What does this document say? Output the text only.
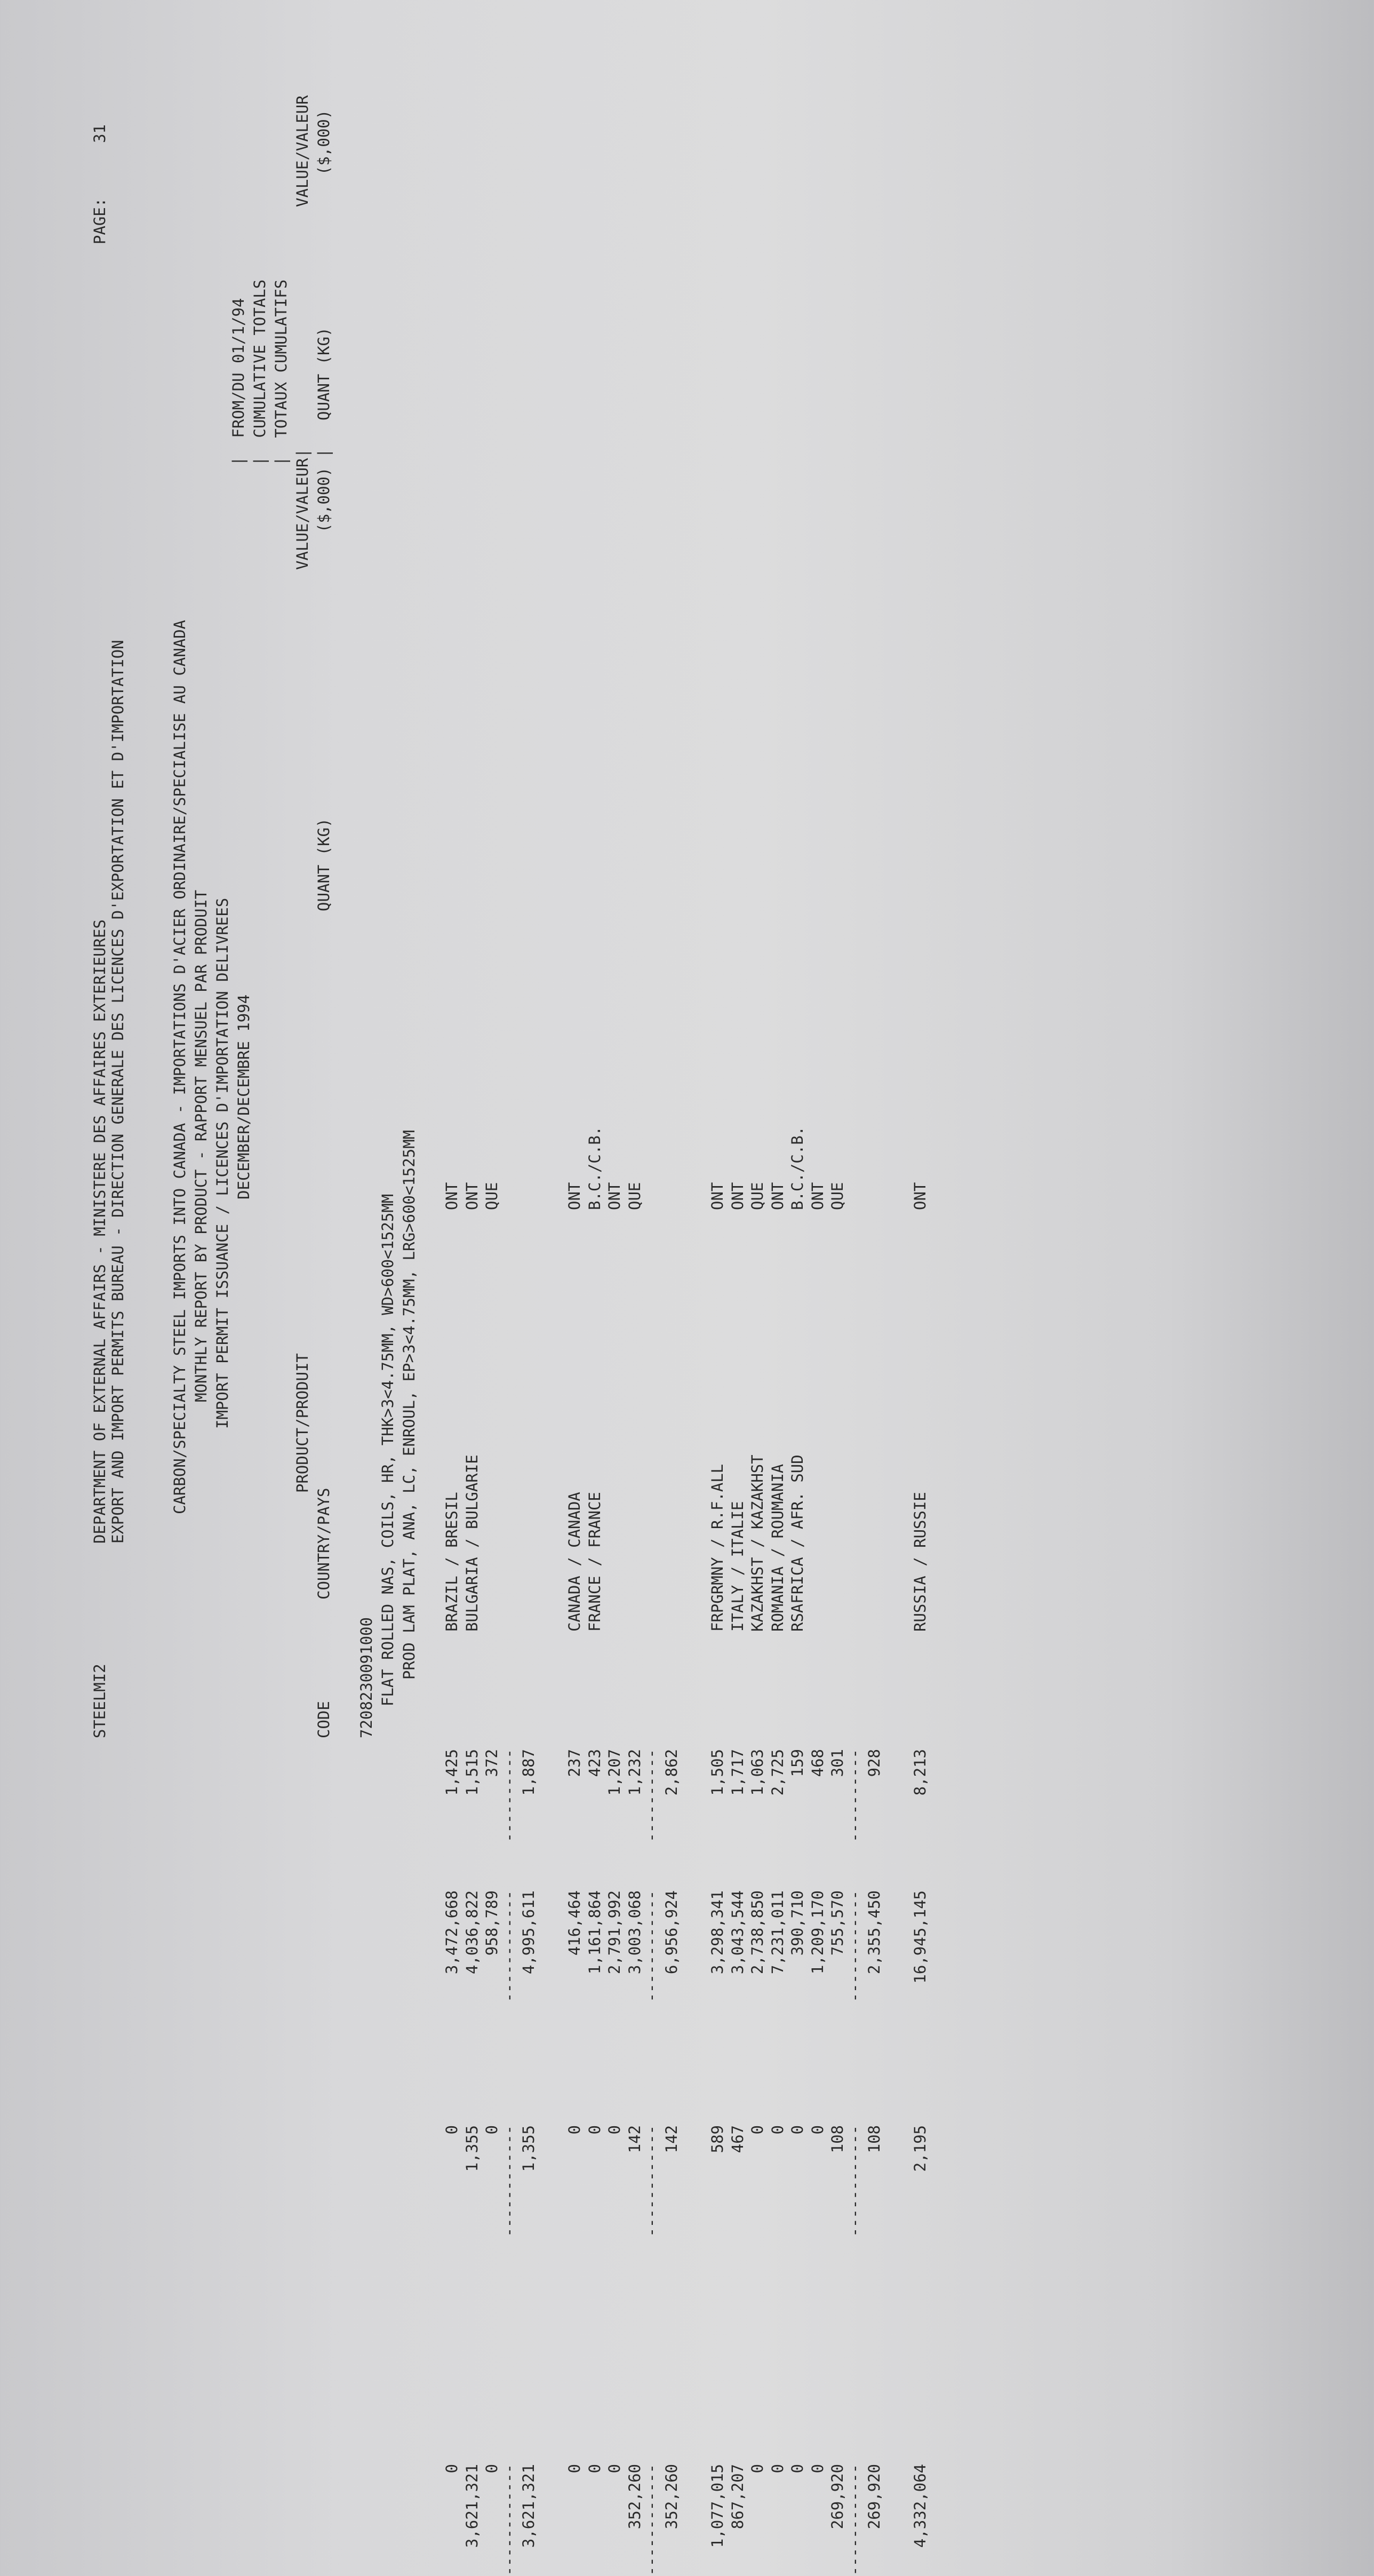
STEELMI2
DEPARTMENT OF EXTERNAL AFFAIRS - MINISTERE DES AFFAIRES EXTERIEURES EXPORT AND IMPORT PERMITS BUREAU - DIRECTION GENERALE DES LICENCES D'EXPORTATION ET D'IMPORTATION
PAGE:
31
CARBON/SPECIALTY STEEL IMPORTS INTO CANADA - IMPORTATIONS D'ACIER ORDINAIRE/SPECIALISE AU CANADA MONTHLY REPORT BY PRODUCT - RAPPORT MENSUEL PAR PRODUIT IMPORT PERMIT ISSUANCE / LICENCES D'IMPORTATION DELIVREES DECEMBER/DECEMBRE 1994
|  FROM/DU 01/1/94
|  CUMULATIVE TOTALS
|  TOTAUX CUMULATIFS
CODE
PRODUCT/PRODUIT
COUNTRY/PAYS
QUANT (KG)
VALUE/VALEUR ($,000)
| |
QUANT (KG)
VALUE/VALEUR ($,000)
7208230091000 FLAT ROLLED NAS, COILS, HR, THK>3<4.75MM, WD>600<1525MM PROD LAM PLAT, ANA, LC, ENROUL, EP>3<4.75MM, LRG>600<1525MM BRAZIL / BRESIL
ONT
0
0
3,472,668
1,425
BULGARIA / BULGARIE
ONT
3,621,321
1,355
4,036,822
1,515
QUE
0
0
958,789
372
------------
------------
------------
----------
3,621,321
1,355
4,995,611
1,887
CANADA / CANADA
ONT
0
0
416,464
237
FRANCE / FRANCE
B.C./C.B.
0
0
1,161,864
423
ONT
0
0
2,791,992
1,207
QUE
352,260
142
3,003,068
1,232
------------
------------
------------
----------
352,260
142
6,956,924
2,862
FRPGRMNY / R.F.ALL
ONT
1,077,015
589
3,298,341
1,505
ITALY / ITALIE
ONT
867,207
467
3,043,544
1,717
KAZAKHST / KAZAKHST
QUE
0
0
2,738,850
1,063
ROMANIA / ROUMANIA
ONT
0
0
7,231,011
2,725
RSAFRICA / AFR. SUD
B.C./C.B.
0
0
390,710
159
ONT
0
0
1,209,170
468
QUE
269,920
108
755,570
301
------------
------------
------------
----------
269,920
108
2,355,450
928
RUSSIA / RUSSIE
ONT
4,332,064
2,195
16,945,145
8,213
